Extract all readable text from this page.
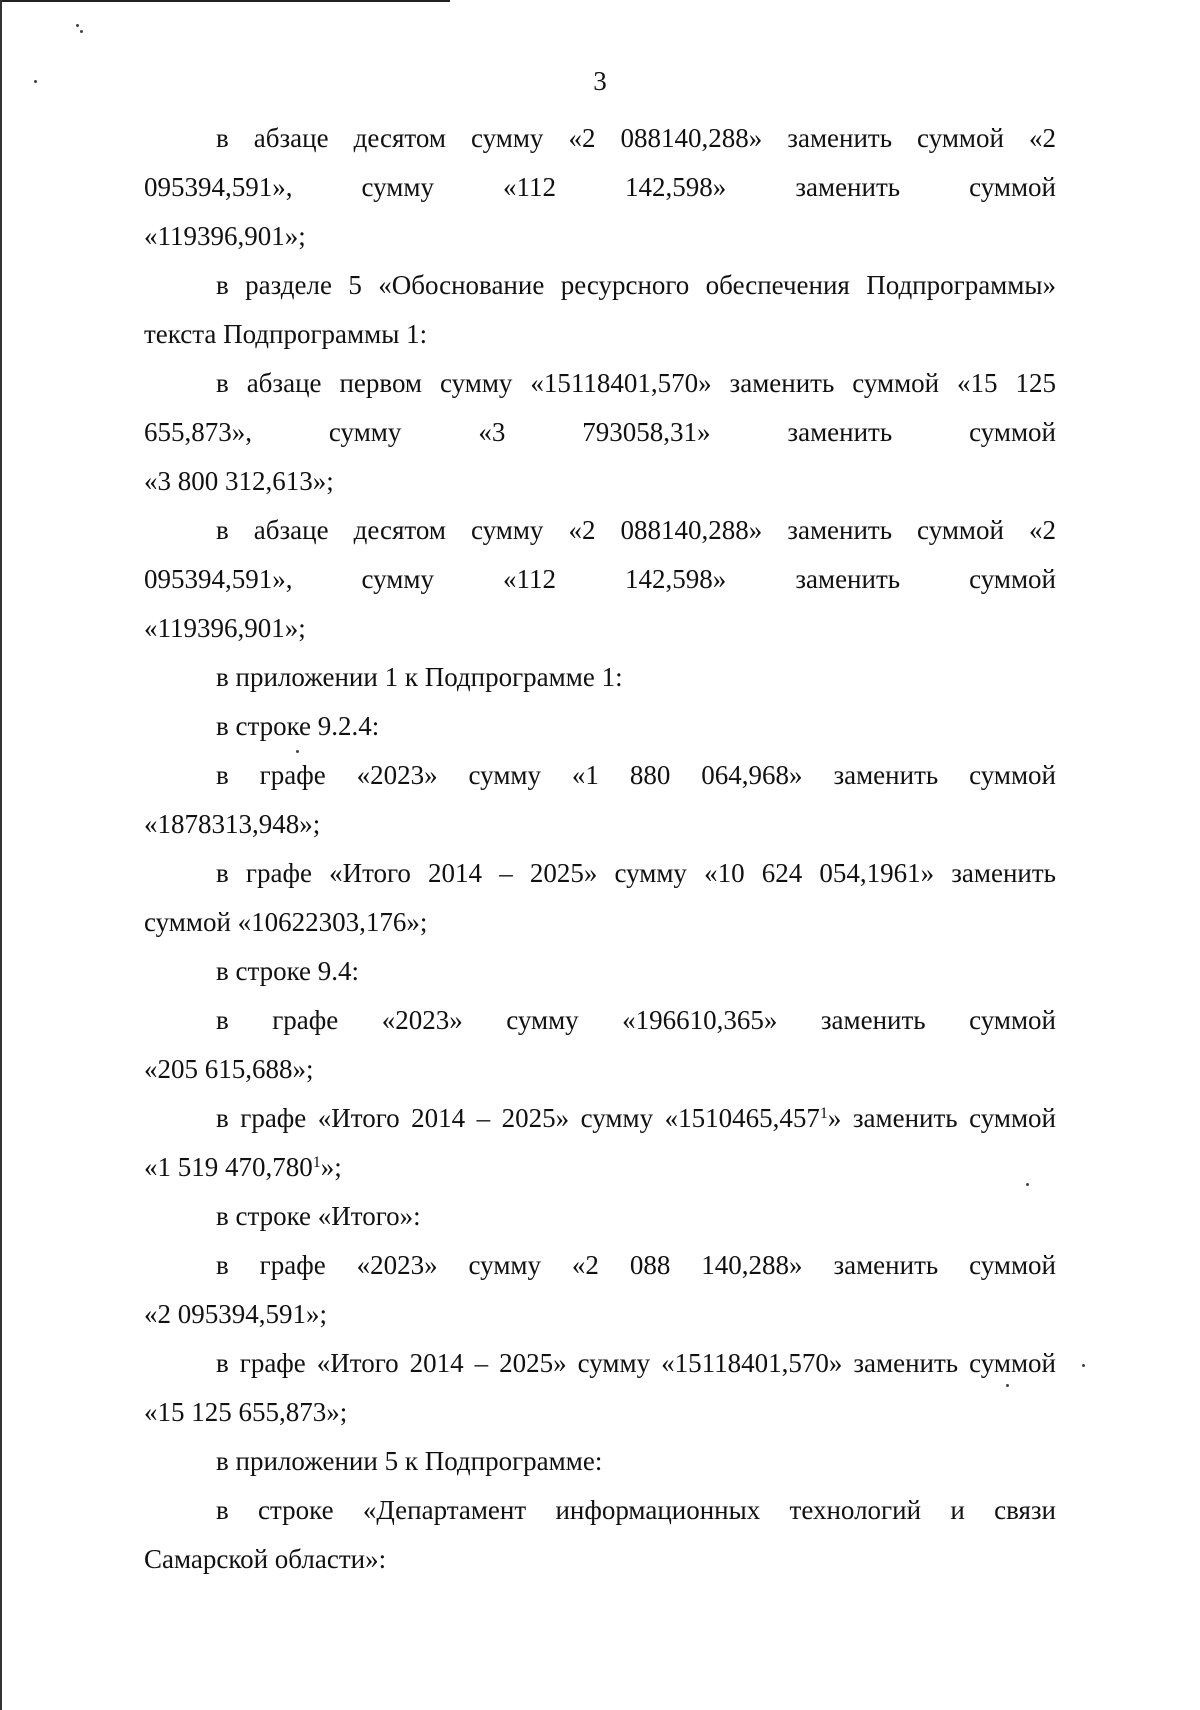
3

в абзаце десятом сумму «2 088140,288» заменить суммой «2 095394,591», сумму «112 142,598» заменить суммой

«119396,901»;

в разделе 5 «Обоснование ресурсного обеспечения Подпрограммы»

текста Подпрограммы 1:

в абзаце первом сумму «15118401,570» заменить суммой «15 125 655,873», сумму «3 793058,31» заменить суммой

«3 800 312,613»;

в абзаце десятом сумму «2 088140,288» заменить суммой «2 095394,591», сумму «112 142,598» заменить суммой

«119396,901»;

в приложении 1 к Подпрограмме 1:

в строке 9.2.4:

в графе «2023» сумму «1 880 064,968» заменить суммой

«1878313,948»;

в графе «Итого 2014 – 2025» сумму «10 624 054,1961» заменить

суммой «10622303,176»;

в строке 9.4:

в графе «2023» сумму «196610,365» заменить суммой

«205 615,688»;

в графе «Итого 2014 – 2025» сумму «1510465,457$^1$» заменить суммой

«1 519 470,780$^1$»;

в строке «Итого»:

в графе «2023» сумму «2 088 140,288» заменить суммой

«2 095394,591»;

в графе «Итого 2014 – 2025» сумму «15118401,570» заменить суммой

«15 125 655,873»;

в приложении 5 к Подпрограмме:

в строке «Департамент информационных технологий и связи

Самарской области»:
